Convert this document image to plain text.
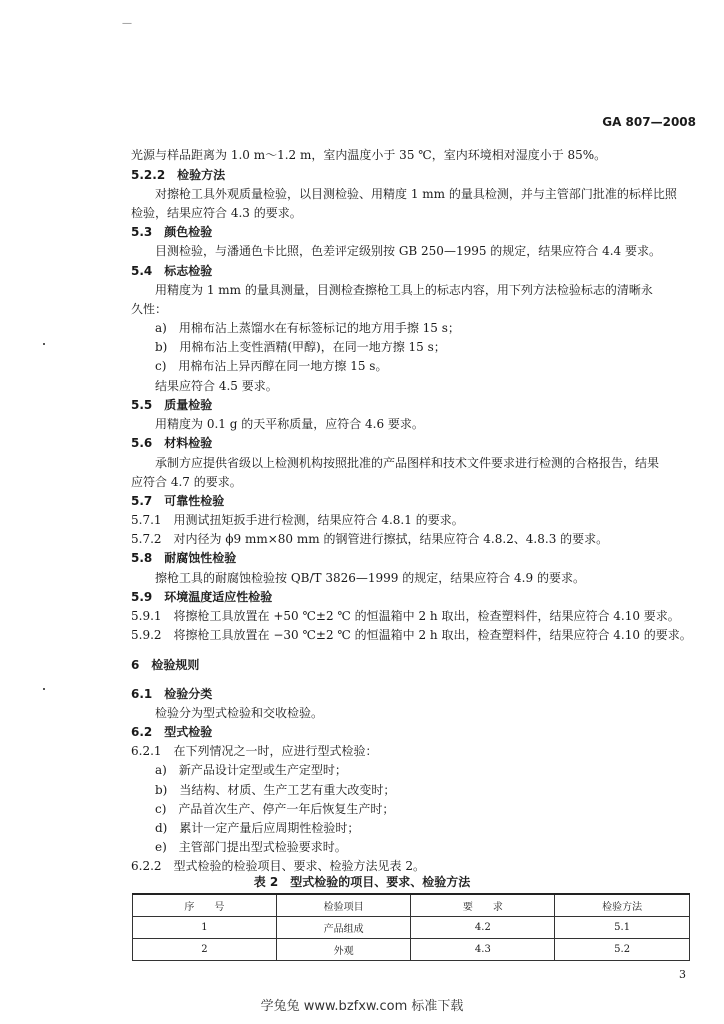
—
GA 807—2008
光源与样品距离为 1.0 m～1.2 m，室内温度小于 35 ℃，室内环境相对湿度小于 85%。
5.2.2　检验方法
对擦枪工具外观质量检验，以目测检验、用精度 1 mm 的量具检测，并与主管部门批准的标样比照
检验，结果应符合 4.3 的要求。
5.3　颜色检验
目测检验，与潘通色卡比照，色差评定级别按 GB 250—1995 的规定，结果应符合 4.4 要求。
5.4　标志检验
用精度为 1 mm 的量具测量，目测检查擦枪工具上的标志内容，用下列方法检验标志的清晰永
久性：
a)　用棉布沾上蒸馏水在有标签标记的地方用手擦 15 s；
b)　用棉布沾上变性酒精(甲醇)，在同一地方擦 15 s；
c)　用棉布沾上异丙醇在同一地方擦 15 s。
结果应符合 4.5 要求。
5.5　质量检验
用精度为 0.1 g 的天平称质量，应符合 4.6 要求。
5.6　材料检验
承制方应提供省级以上检测机构按照批准的产品图样和技术文件要求进行检测的合格报告，结果
应符合 4.7 的要求。
5.7　可靠性检验
5.7.1　用测试扭矩扳手进行检测，结果应符合 4.8.1 的要求。
5.7.2　对内径为 ϕ9 mm×80 mm 的钢管进行擦拭，结果应符合 4.8.2、4.8.3 的要求。
5.8　耐腐蚀性检验
擦枪工具的耐腐蚀检验按 QB/T 3826—1999 的规定，结果应符合 4.9 的要求。
5.9　环境温度适应性检验
5.9.1　将擦枪工具放置在 +50 ℃±2 ℃ 的恒温箱中 2 h 取出，检查塑料件，结果应符合 4.10 要求。
5.9.2　将擦枪工具放置在 −30 ℃±2 ℃ 的恒温箱中 2 h 取出，检查塑料件，结果应符合 4.10 的要求。
6　检验规则
6.1　检验分类
检验分为型式检验和交收检验。
6.2　型式检验
6.2.1　在下列情况之一时，应进行型式检验：
a)　新产品设计定型或生产定型时；
b)　当结构、材质、生产工艺有重大改变时；
c)　产品首次生产、停产一年后恢复生产时；
d)　累计一定产量后应周期性检验时；
e)　主管部门提出型式检验要求时。
6.2.2　型式检验的检验项目、要求、检验方法见表 2。
表 2　型式检验的项目、要求、检验方法
序　　号	检验项目	要　　求	检验方法
1	产品组成	4.2	5.1
2	外观	4.3	5.2
3
学兔兔 www.bzfxw.com 标准下载
